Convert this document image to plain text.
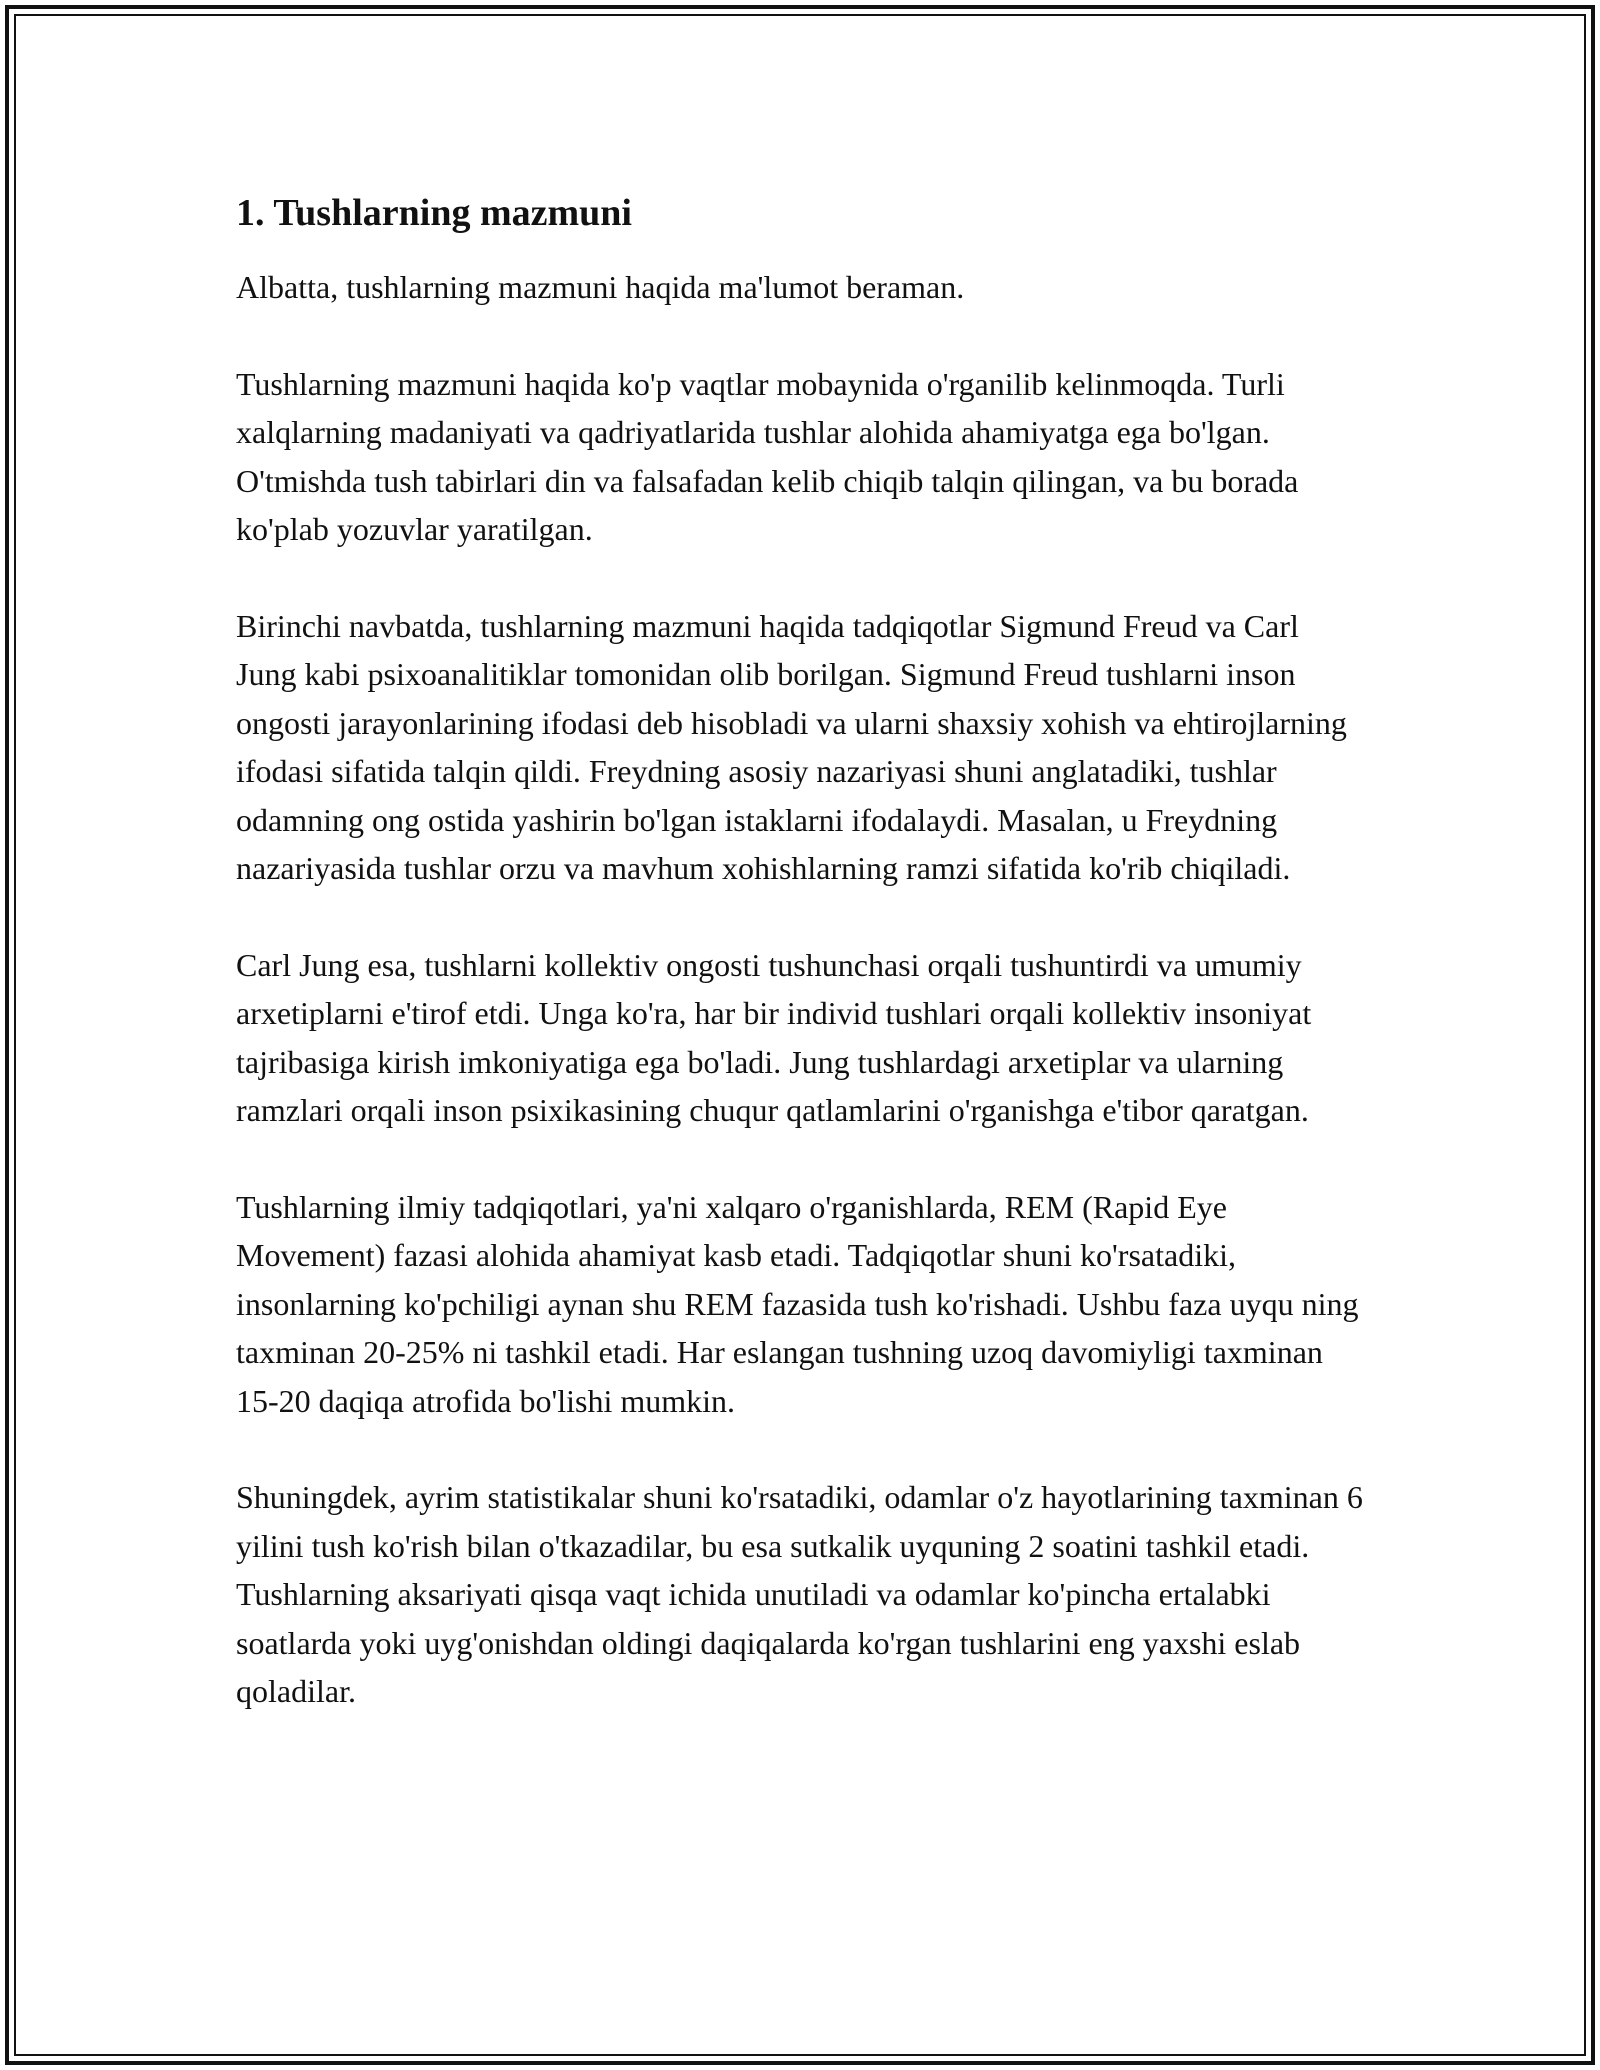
1. Tushlarning mazmuni

Albatta, tushlarning mazmuni haqida ma'lumot beraman.

Tushlarning mazmuni haqida ko'p vaqtlar mobaynida o'rganilib kelinmoqda. Turli xalqlarning madaniyati va qadriyatlarida tushlar alohida ahamiyatga ega bo'lgan. O'tmishda tush tabirlari din va falsafadan kelib chiqib talqin qilingan, va bu borada ko'plab yozuvlar yaratilgan.

Birinchi navbatda, tushlarning mazmuni haqida tadqiqotlar Sigmund Freud va Carl Jung kabi psixoanalitiklar tomonidan olib borilgan. Sigmund Freud tushlarni inson ongosti jarayonlarining ifodasi deb hisobladi va ularni shaxsiy xohish va ehtirojlarning ifodasi sifatida talqin qildi. Freydning asosiy nazariyasi shuni anglatadiki, tushlar odamning ong ostida yashirin bo'lgan istaklarni ifodalaydi. Masalan, u Freydning nazariyasida tushlar orzu va mavhum xohishlarning ramzi sifatida ko'rib chiqiladi.

Carl Jung esa, tushlarni kollektiv ongosti tushunchasi orqali tushuntirdi va umumiy arxetiplarni e'tirof etdi. Unga ko'ra, har bir individ tushlari orqali kollektiv insoniyat tajribasiga kirish imkoniyatiga ega bo'ladi. Jung tushlardagi arxetiplar va ularning ramzlari orqali inson psixikasining chuqur qatlamlarini o'rganishga e'tibor qaratgan.

Tushlarning ilmiy tadqiqotlari, ya'ni xalqaro o'rganishlarda, REM (Rapid Eye Movement) fazasi alohida ahamiyat kasb etadi. Tadqiqotlar shuni ko'rsatadiki, insonlarning ko'pchiligi aynan shu REM fazasida tush ko'rishadi. Ushbu faza uyqu ning taxminan 20-25% ni tashkil etadi. Har eslangan tushning uzoq davomiyligi taxminan 15-20 daqiqa atrofida bo'lishi mumkin.

Shuningdek, ayrim statistikalar shuni ko'rsatadiki, odamlar o'z hayotlarining taxminan 6 yilini tush ko'rish bilan o'tkazadilar, bu esa sutkalik uyquning 2 soatini tashkil etadi. Tushlarning aksariyati qisqa vaqt ichida unutiladi va odamlar ko'pincha ertalabki soatlarda yoki uyg'onishdan oldingi daqiqalarda ko'rgan tushlarini eng yaxshi eslab qoladilar.
